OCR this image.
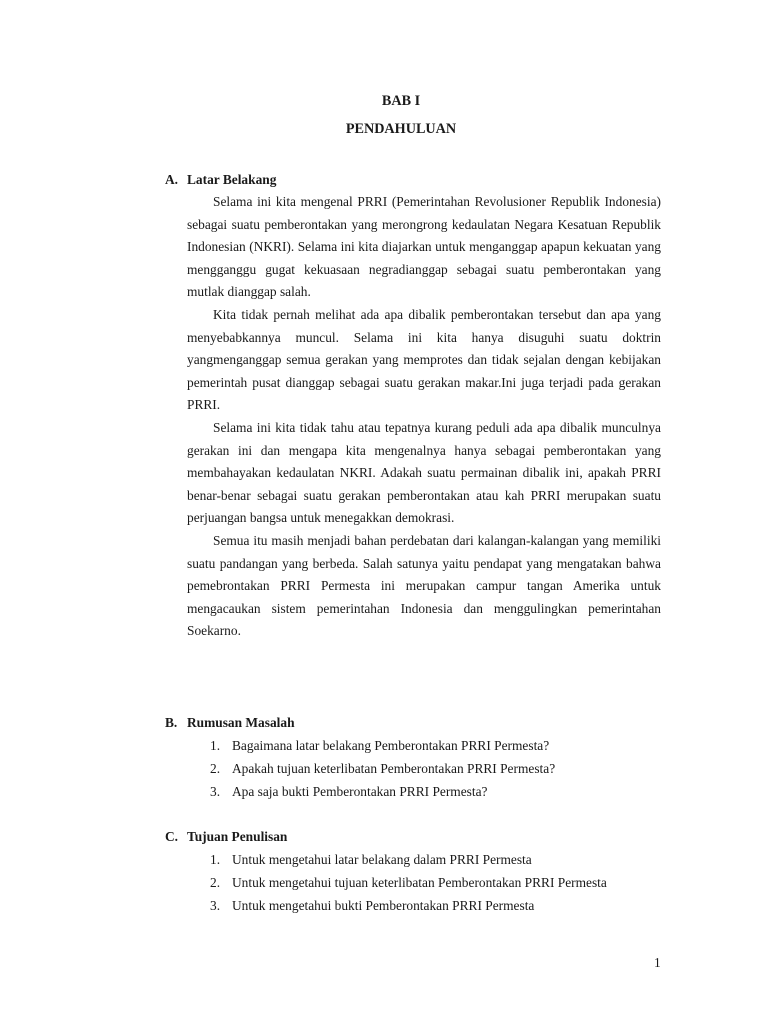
BAB I
PENDAHULUAN
A. Latar Belakang

Selama ini kita mengenal PRRI (Pemerintahan Revolusioner Republik Indonesia) sebagai suatu pemberontakan yang merongrong kedaulatan Negara Kesatuan Republik Indonesian (NKRI). Selama ini kita diajarkan untuk menganggap apapun kekuatan yang mengganggu gugat kekuasaan negradianggap sebagai suatu pemberontakan yang mutlak dianggap salah.

Kita tidak pernah melihat ada apa dibalik pemberontakan tersebut dan apa yang menyebabkannya muncul. Selama ini kita hanya disuguhi suatu doktrin yangmenganggap semua gerakan yang memprotes dan tidak sejalan dengan kebijakan pemerintah pusat dianggap sebagai suatu gerakan makar.Ini juga terjadi pada gerakan PRRI.

Selama ini kita tidak tahu atau tepatnya kurang peduli ada apa dibalik munculnya gerakan ini dan mengapa kita mengenalnya hanya sebagai pemberontakan yang membahayakan kedaulatan NKRI. Adakah suatu permainan dibalik ini, apakah PRRI benar-benar sebagai suatu gerakan pemberontakan atau kah PRRI merupakan suatu perjuangan bangsa untuk menegakkan demokrasi.

Semua itu masih menjadi bahan perdebatan dari kalangan-kalangan yang memiliki suatu pandangan yang berbeda. Salah satunya yaitu pendapat yang mengatakan bahwa pemebrontakan PRRI Permesta ini merupakan campur tangan Amerika untuk mengacaukan sistem pemerintahan Indonesia dan menggulingkan pemerintahan Soekarno.

B. Rumusan Masalah
1. Bagaimana latar belakang Pemberontakan PRRI Permesta?
2. Apakah tujuan keterlibatan Pemberontakan PRRI Permesta?
3. Apa saja bukti Pemberontakan PRRI Permesta?
C. Tujuan Penulisan
1. Untuk mengetahui latar belakang dalam PRRI Permesta
2. Untuk mengetahui tujuan keterlibatan Pemberontakan PRRI Permesta
3. Untuk mengetahui bukti Pemberontakan PRRI Permesta
1
